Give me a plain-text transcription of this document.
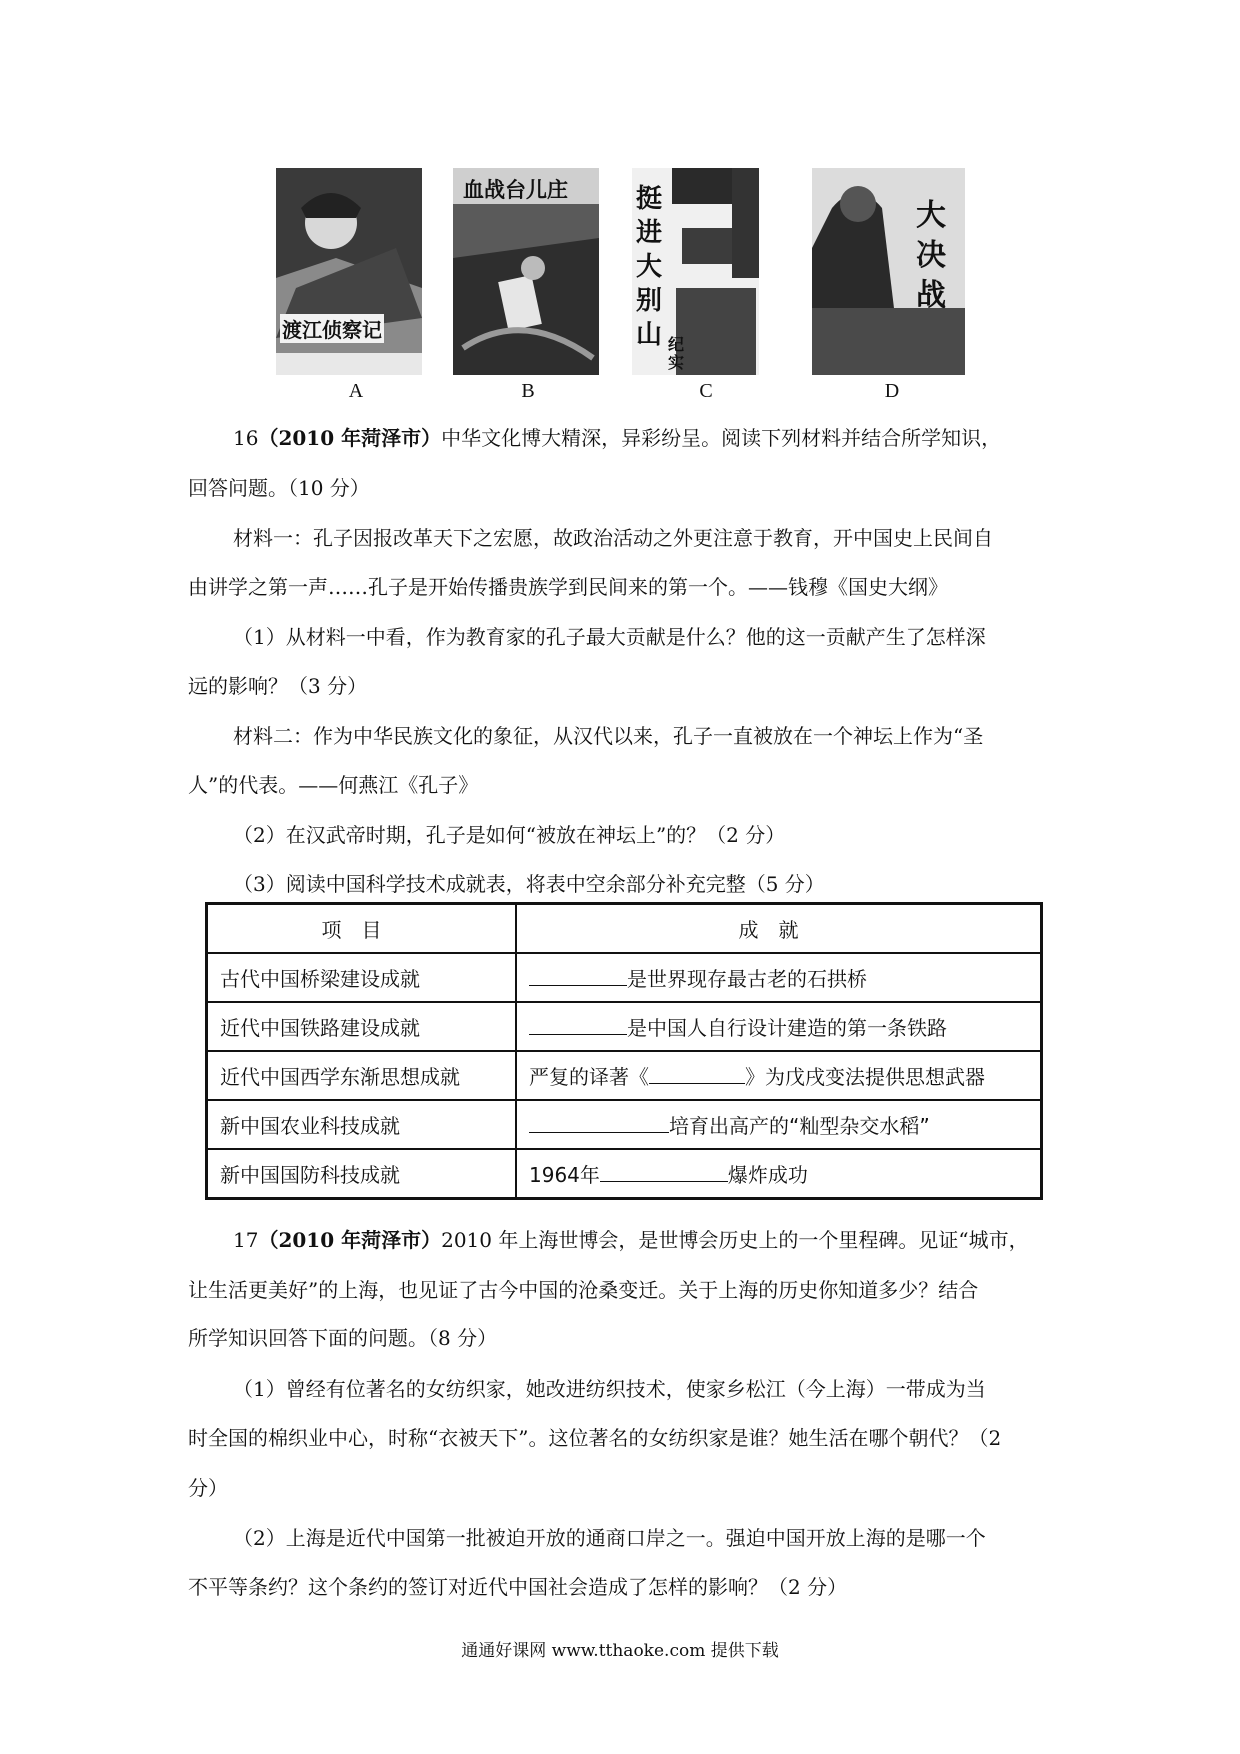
渡江侦察记
血战台儿庄	挺进大别山 纪实
大决战
A	B	C	D
16（2010 年菏泽市）中华文化博大精深，异彩纷呈。阅读下列材料并结合所学知识，
回答问题。（10 分）
材料一：孔子因报改革天下之宏愿，故政治活动之外更注意于教育，开中国史上民间自
由讲学之第一声……孔子是开始传播贵族学到民间来的第一个。——钱穆《国史大纲》
（1）从材料一中看，作为教育家的孔子最大贡献是什么？他的这一贡献产生了怎样深
远的影响？（3 分）
材料二：作为中华民族文化的象征，从汉代以来，孔子一直被放在一个神坛上作为“圣
人”的代表。——何燕江《孔子》
（2）在汉武帝时期，孔子是如何“被放在神坛上”的？（2 分）
（3）阅读中国科学技术成就表，将表中空余部分补充完整（5 分）
项目	成就
古代中国桥梁建设成就	是世界现存最古老的石拱桥
近代中国铁路建设成就	是中国人自行设计建造的第一条铁路
近代中国西学东渐思想成就	严复的译著《 》为戊戌变法提供思想武器
新中国农业科技成就	培育出高产的“籼型杂交水稻”
新中国国防科技成就	1964年 爆炸成功
17（2010 年菏泽市）2010 年上海世博会，是世博会历史上的一个里程碑。见证“城市，
让生活更美好”的上海，也见证了古今中国的沧桑变迁。关于上海的历史你知道多少？结合
所学知识回答下面的问题。（8 分）
（1）曾经有位著名的女纺织家，她改进纺织技术，使家乡松江（今上海）一带成为当
时全国的棉织业中心，时称“衣被天下”。这位著名的女纺织家是谁？她生活在哪个朝代？（2
分）
（2）上海是近代中国第一批被迫开放的通商口岸之一。强迫中国开放上海的是哪一个
不平等条约？这个条约的签订对近代中国社会造成了怎样的影响？（2 分）
通通好课网 www.tthaoke.com 提供下载
